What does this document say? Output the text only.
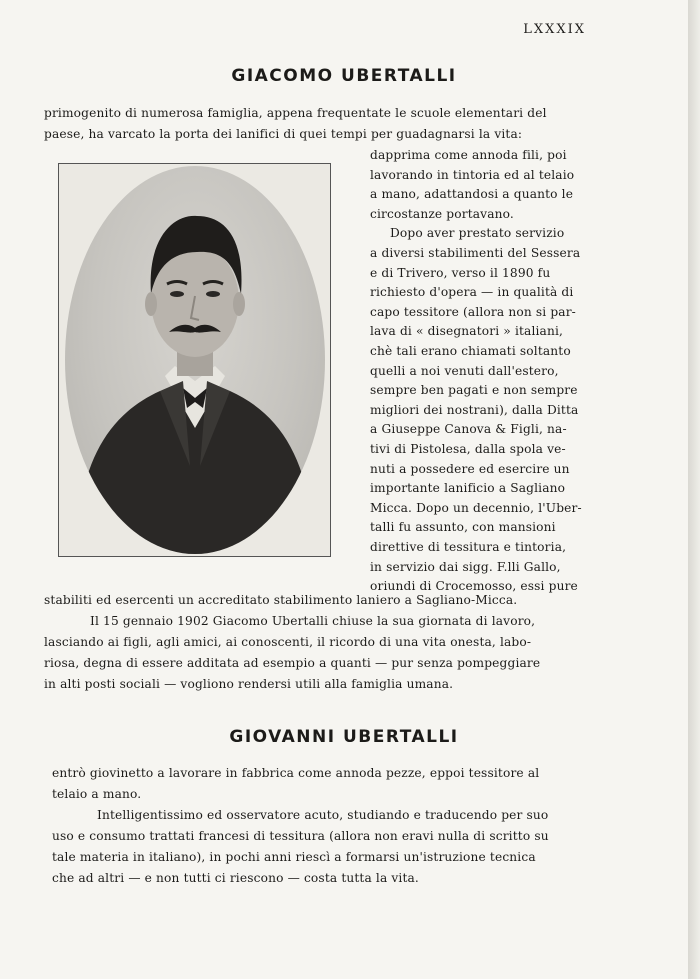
LXXXIX
GIACOMO UBERTALLI
primogenito di numerosa famiglia, appena frequentate le scuole elementari del
paese, ha varcato la porta dei lanifici di quei tempi per guadagnarsi la vita:
dapprima come annoda fili, poi
lavorando in tintoria ed al telaio
a mano, adattandosi a quanto le
circostanze portavano.
Dopo aver prestato servizio
a diversi stabilimenti del Sessera
e di Trivero, verso il 1890 fu
richiesto d'opera — in qualità di
capo tessitore (allora non si par-
lava di « disegnatori » italiani,
chè tali erano chiamati soltanto
quelli a noi venuti dall'estero,
sempre ben pagati e non sempre
migliori dei nostrani), dalla Ditta
a Giuseppe Canova & Figli, na-
tivi di Pistolesa, dalla spola ve-
nuti a possedere ed esercire un
importante lanificio a Sagliano
Micca. Dopo un decennio, l'Uber-
talli fu assunto, con mansioni
direttive di tessitura e tintoria,
in servizio dai sigg. F.lli Gallo,
oriundi di Crocemosso, essi pure
stabiliti ed esercenti un accreditato stabilimento laniero a Sagliano-Micca.
Il 15 gennaio 1902 Giacomo Ubertalli chiuse la sua giornata di lavoro,
lasciando ai figli, agli amici, ai conoscenti, il ricordo di una vita onesta, labo-
riosa, degna di essere additata ad esempio a quanti — pur senza pompeggiare
in alti posti sociali — vogliono rendersi utili alla famiglia umana.
GIOVANNI UBERTALLI
entrò giovinetto a lavorare in fabbrica come annoda pezze, eppoi tessitore al
telaio a mano.
Intelligentissimo ed osservatore acuto, studiando e traducendo per suo
uso e consumo trattati francesi di tessitura (allora non eravi nulla di scritto su
tale materia in italiano), in pochi anni riescì a formarsi un'istruzione tecnica
che ad altri — e non tutti ci riescono — costa tutta la vita.
